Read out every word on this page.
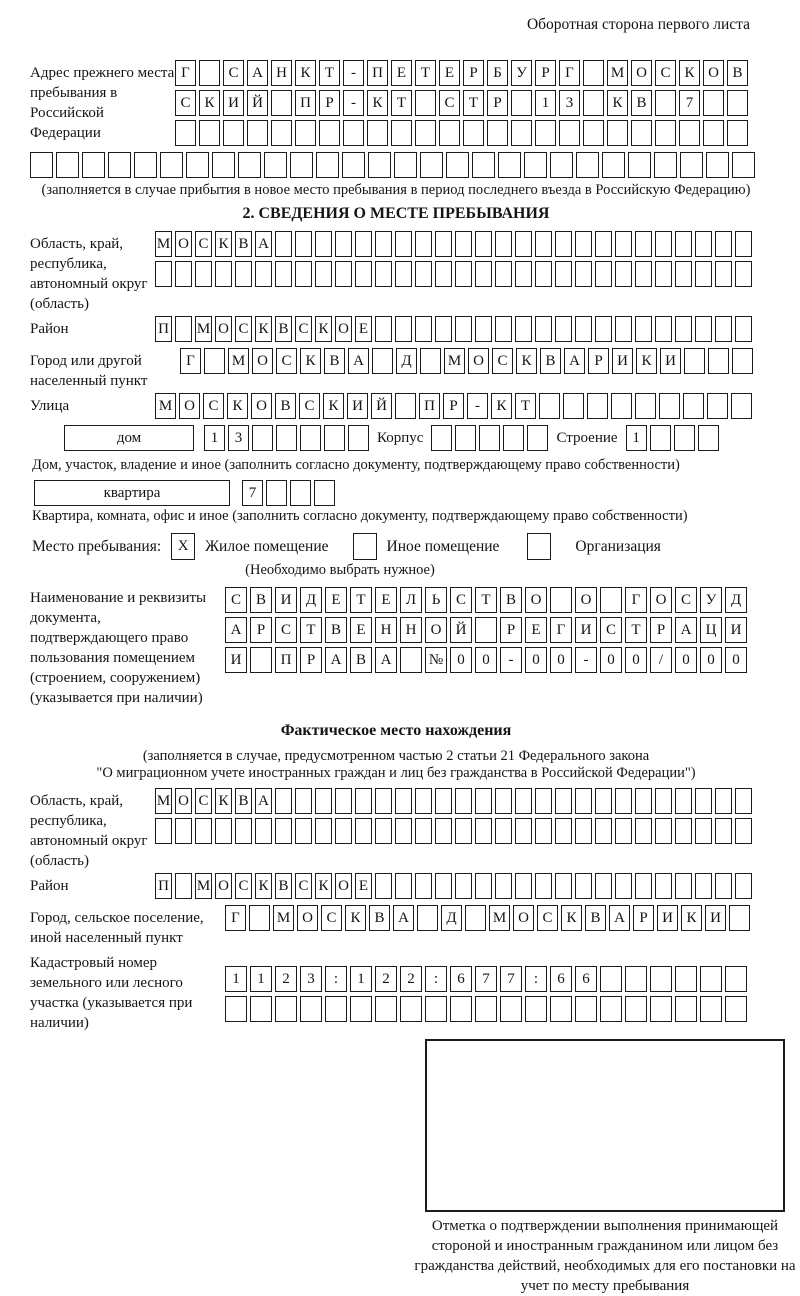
Оборотная сторона первого листа
Адрес прежнего места пребывания в Российской Федерации
Г	С А Н К Т	-	П Е Т Е	Р	Б У Р	Г	М О С К О В
С К И Й	П Р	-	К Т	С Т	Р	1	3	К В	7
(заполняется в случае прибытия в новое место пребывания в период последнего въезда в Российскую Федерацию)
2. СВЕДЕНИЯ О МЕСТЕ ПРЕБЫВАНИЯ
Область, край, республика, автономный округ (область)
М О С К В А
Район	П М О С К В С К О Е
Город или другой населенный пункт
Г	М О С К В А	Д	М О С К В А Р И К И
Улица	М О С К О В С К И Й	П Р	-	К Т
дом	1	3	Корпус	Строение 1
Дом, участок, владение и иное (заполнить согласно документу, подтверждающему право собственности)
квартира	7
Квартира, комната, офис и иное (заполнить согласно документу, подтверждающему право собственности)
Место пребывания:	X	Жилое помещение	Иное помещение	Организация
(Необходимо выбрать нужное)
Наименование и реквизиты документа, подтверждающего право пользования помещением (строением, сооружением) (указывается при наличии)
С В И Д	Е	Т	Е	Л	Ь	С	Т	В О	О	Г	О С У Д
А	Р	С	Т	В	Е	Н Н О Й	Р	Е	Г	И С	Т	Р	А Ц И
И	П	Р	А В А	№ 0	0	-	0	0	-	0	0	/	0	0	0
Фактическое место нахождения
(заполняется в случае, предусмотренном частью 2 статьи 21 Федерального закона
"О миграционном учете иностранных граждан и лиц без гражданства в Российской Федерации")
Область, край, республика, автономный округ (область)
М О С К В А
Район	П М О С К В С К О Е
Город, сельское поселение, иной населенный пункт
Г	М О С К В А	Д	М О С К В А Р И К И
Кадастровый номер земельного или лесного участка (указывается при наличии)
1	1	2	3	:	1	2	2	:	6	7	7	:	6	6
Отметка о подтверждении выполнения принимающей стороной и иностранным гражданином или лицом без гражданства действий, необходимых для его постановки на учет по месту пребывания
